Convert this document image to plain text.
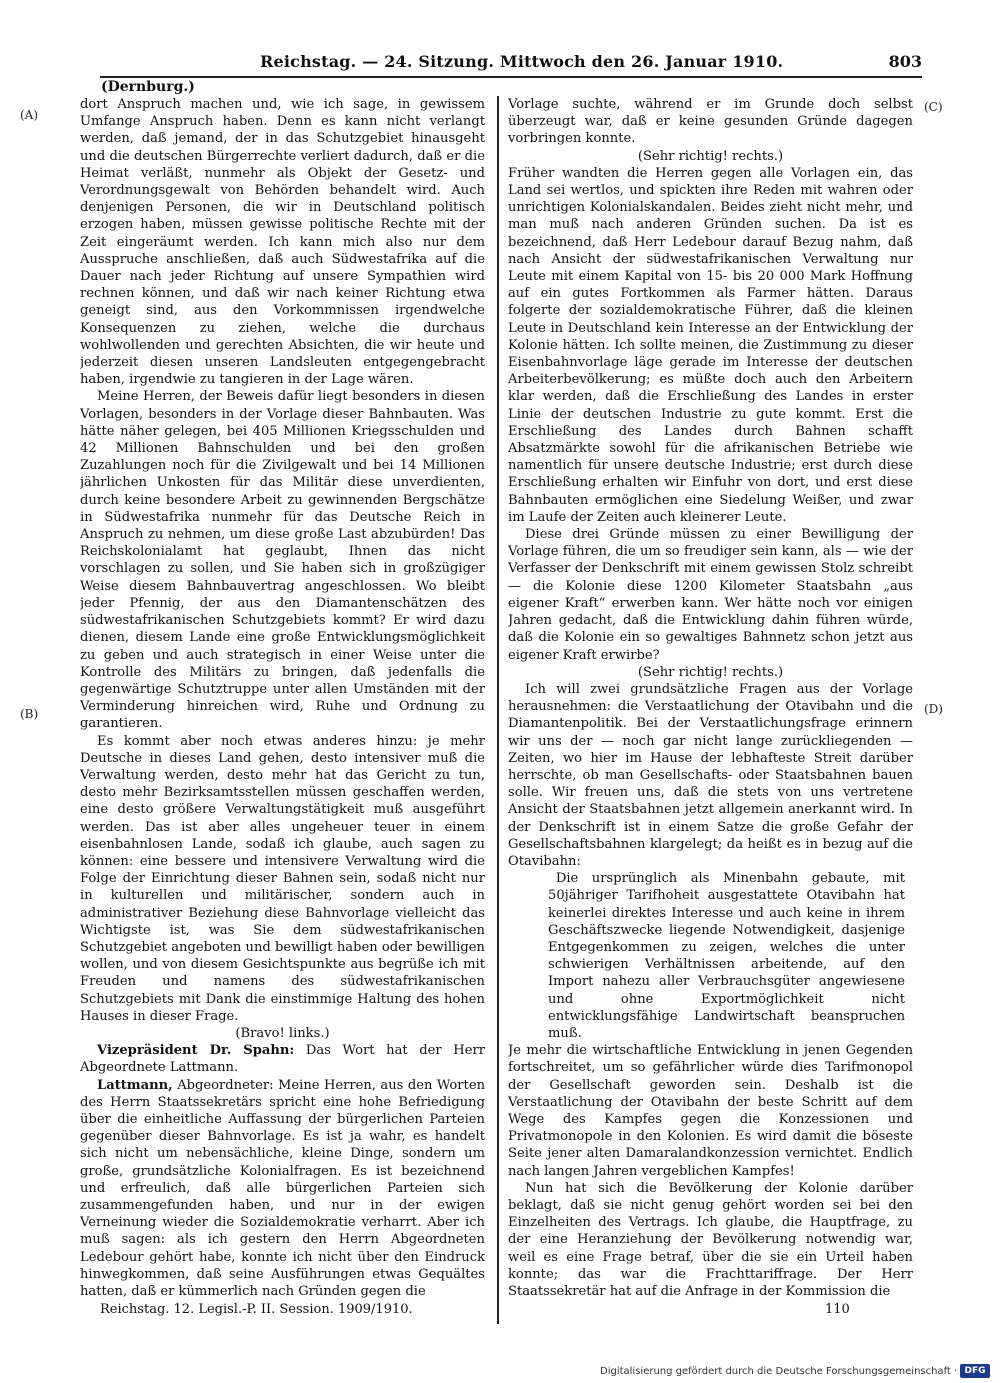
Reichstag. — 24. Sitzung. Mittwoch den 26. Januar 1910.	803
(Dernburg.)
(A)
(B)
(C)
(D)

dort Anspruch machen und, wie ich sage, in gewissem Umfange Anspruch haben. Denn es kann nicht verlangt werden, daß jemand, der in das Schutzgebiet hinausgeht und die deutschen Bürgerrechte verliert dadurch, daß er die Heimat verläßt, nunmehr als Objekt der Gesetz- und Verordnungsgewalt von Behörden behandelt wird. Auch denjenigen Personen, die wir in Deutschland politisch erzogen haben, müssen gewisse politische Rechte mit der Zeit eingeräumt werden. Ich kann mich also nur dem Ausspruche anschließen, daß auch Südwestafrika auf die Dauer nach jeder Richtung auf unsere Sympathien wird rechnen können, und daß wir nach keiner Richtung etwa geneigt sind, aus den Vorkommnissen irgendwelche Konsequenzen zu ziehen, welche die durchaus wohlwollenden und gerechten Absichten, die wir heute und jederzeit diesen unseren Landsleuten entgegengebracht haben, irgendwie zu tangieren in der Lage wären.

Meine Herren, der Beweis dafür liegt besonders in diesen Vorlagen, besonders in der Vorlage dieser Bahnbauten. Was hätte näher gelegen, bei 405 Millionen Kriegsschulden und 42 Millionen Bahnschulden und bei den großen Zuzahlungen noch für die Zivilgewalt und bei 14 Millionen jährlichen Unkosten für das Militär diese unverdienten, durch keine besondere Arbeit zu gewinnenden Bergschätze in Südwestafrika nunmehr für das Deutsche Reich in Anspruch zu nehmen, um diese große Last abzubürden! Das Reichskolonialamt hat geglaubt, Ihnen das nicht vorschlagen zu sollen, und Sie haben sich in großzügiger Weise diesem Bahnbauvertrag angeschlossen. Wo bleibt jeder Pfennig, der aus den Diamantenschätzen des südwestafrikanischen Schutzgebiets kommt? Er wird dazu dienen, diesem Lande eine große Entwicklungsmöglichkeit zu geben und auch strategisch in einer Weise unter die Kontrolle des Militärs zu bringen, daß jedenfalls die gegenwärtige Schutztruppe unter allen Umständen mit der Verminderung hinreichen wird, Ruhe und Ordnung zu garantieren.

Es kommt aber noch etwas anderes hinzu: je mehr Deutsche in dieses Land gehen, desto intensiver muß die Verwaltung werden, desto mehr hat das Gericht zu tun, desto mehr Bezirksamtsstellen müssen geschaffen werden, eine desto größere Verwaltungstätigkeit muß ausgeführt werden. Das ist aber alles ungeheuer teuer in einem eisenbahnlosen Lande, sodaß ich glaube, auch sagen zu können: eine bessere und intensivere Verwaltung wird die Folge der Einrichtung dieser Bahnen sein, sodaß nicht nur in kulturellen und militärischer, sondern auch in administrativer Beziehung diese Bahnvorlage vielleicht das Wichtigste ist, was Sie dem südwestafrikanischen Schutzgebiet angeboten und bewilligt haben oder bewilligen wollen, und von diesem Gesichtspunkte aus begrüße ich mit Freuden und namens des südwestafrikanischen Schutzgebiets mit Dank die einstimmige Haltung des hohen Hauses in dieser Frage.

(Bravo! links.)

Vizepräsident Dr. Spahn: Das Wort hat der Herr Abgeordnete Lattmann.

Lattmann, Abgeordneter: Meine Herren, aus den Worten des Herrn Staatssekretärs spricht eine hohe Befriedigung über die einheitliche Auffassung der bürgerlichen Parteien gegenüber dieser Bahnvorlage. Es ist ja wahr, es handelt sich nicht um nebensächliche, kleine Dinge, sondern um große, grundsätzliche Kolonialfragen. Es ist bezeichnend und erfreulich, daß alle bürgerlichen Parteien sich zusammengefunden haben, und nur in der ewigen Verneinung wieder die Sozialdemokratie verharrt. Aber ich muß sagen: als ich gestern den Herrn Abgeordneten Ledebour gehört habe, konnte ich nicht über den Eindruck hinwegkommen, daß seine Ausführungen etwas Gequältes hatten, daß er kümmerlich nach Gründen gegen die

Vorlage suchte, während er im Grunde doch selbst überzeugt war, daß er keine gesunden Gründe dagegen vorbringen konnte.

(Sehr richtig! rechts.)

Früher wandten die Herren gegen alle Vorlagen ein, das Land sei wertlos, und spickten ihre Reden mit wahren oder unrichtigen Kolonialskandalen. Beides zieht nicht mehr, und man muß nach anderen Gründen suchen. Da ist es bezeichnend, daß Herr Ledebour darauf Bezug nahm, daß nach Ansicht der südwestafrikanischen Verwaltung nur Leute mit einem Kapital von 15- bis 20 000 Mark Hoffnung auf ein gutes Fortkommen als Farmer hätten. Daraus folgerte der sozialdemokratische Führer, daß die kleinen Leute in Deutschland kein Interesse an der Entwicklung der Kolonie hätten. Ich sollte meinen, die Zustimmung zu dieser Eisenbahnvorlage läge gerade im Interesse der deutschen Arbeiterbevölkerung; es müßte doch auch den Arbeitern klar werden, daß die Erschließung des Landes in erster Linie der deutschen Industrie zu gute kommt. Erst die Erschließung des Landes durch Bahnen schafft Absatzmärkte sowohl für die afrikanischen Betriebe wie namentlich für unsere deutsche Industrie; erst durch diese Erschließung erhalten wir Einfuhr von dort, und erst diese Bahnbauten ermöglichen eine Siedelung Weißer, und zwar im Laufe der Zeiten auch kleinerer Leute.

Diese drei Gründe müssen zu einer Bewilligung der Vorlage führen, die um so freudiger sein kann, als — wie der Verfasser der Denkschrift mit einem gewissen Stolz schreibt — die Kolonie diese 1200 Kilometer Staatsbahn „aus eigener Kraft“ erwerben kann. Wer hätte noch vor einigen Jahren gedacht, daß die Entwicklung dahin führen würde, daß die Kolonie ein so gewaltiges Bahnnetz schon jetzt aus eigener Kraft erwirbe?

(Sehr richtig! rechts.)

Ich will zwei grundsätzliche Fragen aus der Vorlage herausnehmen: die Verstaatlichung der Otavibahn und die Diamantenpolitik. Bei der Verstaatlichungsfrage erinnern wir uns der — noch gar nicht lange zurückliegenden — Zeiten, wo hier im Hause der lebhafteste Streit darüber herrschte, ob man Gesellschafts- oder Staatsbahnen bauen solle. Wir freuen uns, daß die stets von uns vertretene Ansicht der Staatsbahnen jetzt allgemein anerkannt wird. In der Denkschrift ist in einem Satze die große Gefahr der Gesellschaftsbahnen klargelegt; da heißt es in bezug auf die Otavibahn:

Die ursprünglich als Minenbahn gebaute, mit 50jähriger Tarifhoheit ausgestattete Otavibahn hat keinerlei direktes Interesse und auch keine in ihrem Geschäftszwecke liegende Notwendigkeit, dasjenige Entgegenkommen zu zeigen, welches die unter schwierigen Verhältnissen arbeitende, auf den Import nahezu aller Verbrauchsgüter angewiesene und ohne Exportmöglichkeit nicht entwicklungsfähige Landwirtschaft beanspruchen muß.

Je mehr die wirtschaftliche Entwicklung in jenen Gegenden fortschreitet, um so gefährlicher würde dies Tarifmonopol der Gesellschaft geworden sein. Deshalb ist die Verstaatlichung der Otavibahn der beste Schritt auf dem Wege des Kampfes gegen die Konzessionen und Privatmonopole in den Kolonien. Es wird damit die böseste Seite jener alten Damaralandkonzession vernichtet. Endlich nach langen Jahren vergeblichen Kampfes!

Nun hat sich die Bevölkerung der Kolonie darüber beklagt, daß sie nicht genug gehört worden sei bei den Einzelheiten des Vertrags. Ich glaube, die Hauptfrage, zu der eine Heranziehung der Bevölkerung notwendig war, weil es eine Frage betraf, über die sie ein Urteil haben konnte; das war die Frachttariffrage. Der Herr Staatssekretär hat auf die Anfrage in der Kommission die

Reichstag. 12. Legisl.-P. II. Session. 1909/1910.	110
Digitalisierung gefördert durch die Deutsche Forschungsgemeinschaft · DFG
